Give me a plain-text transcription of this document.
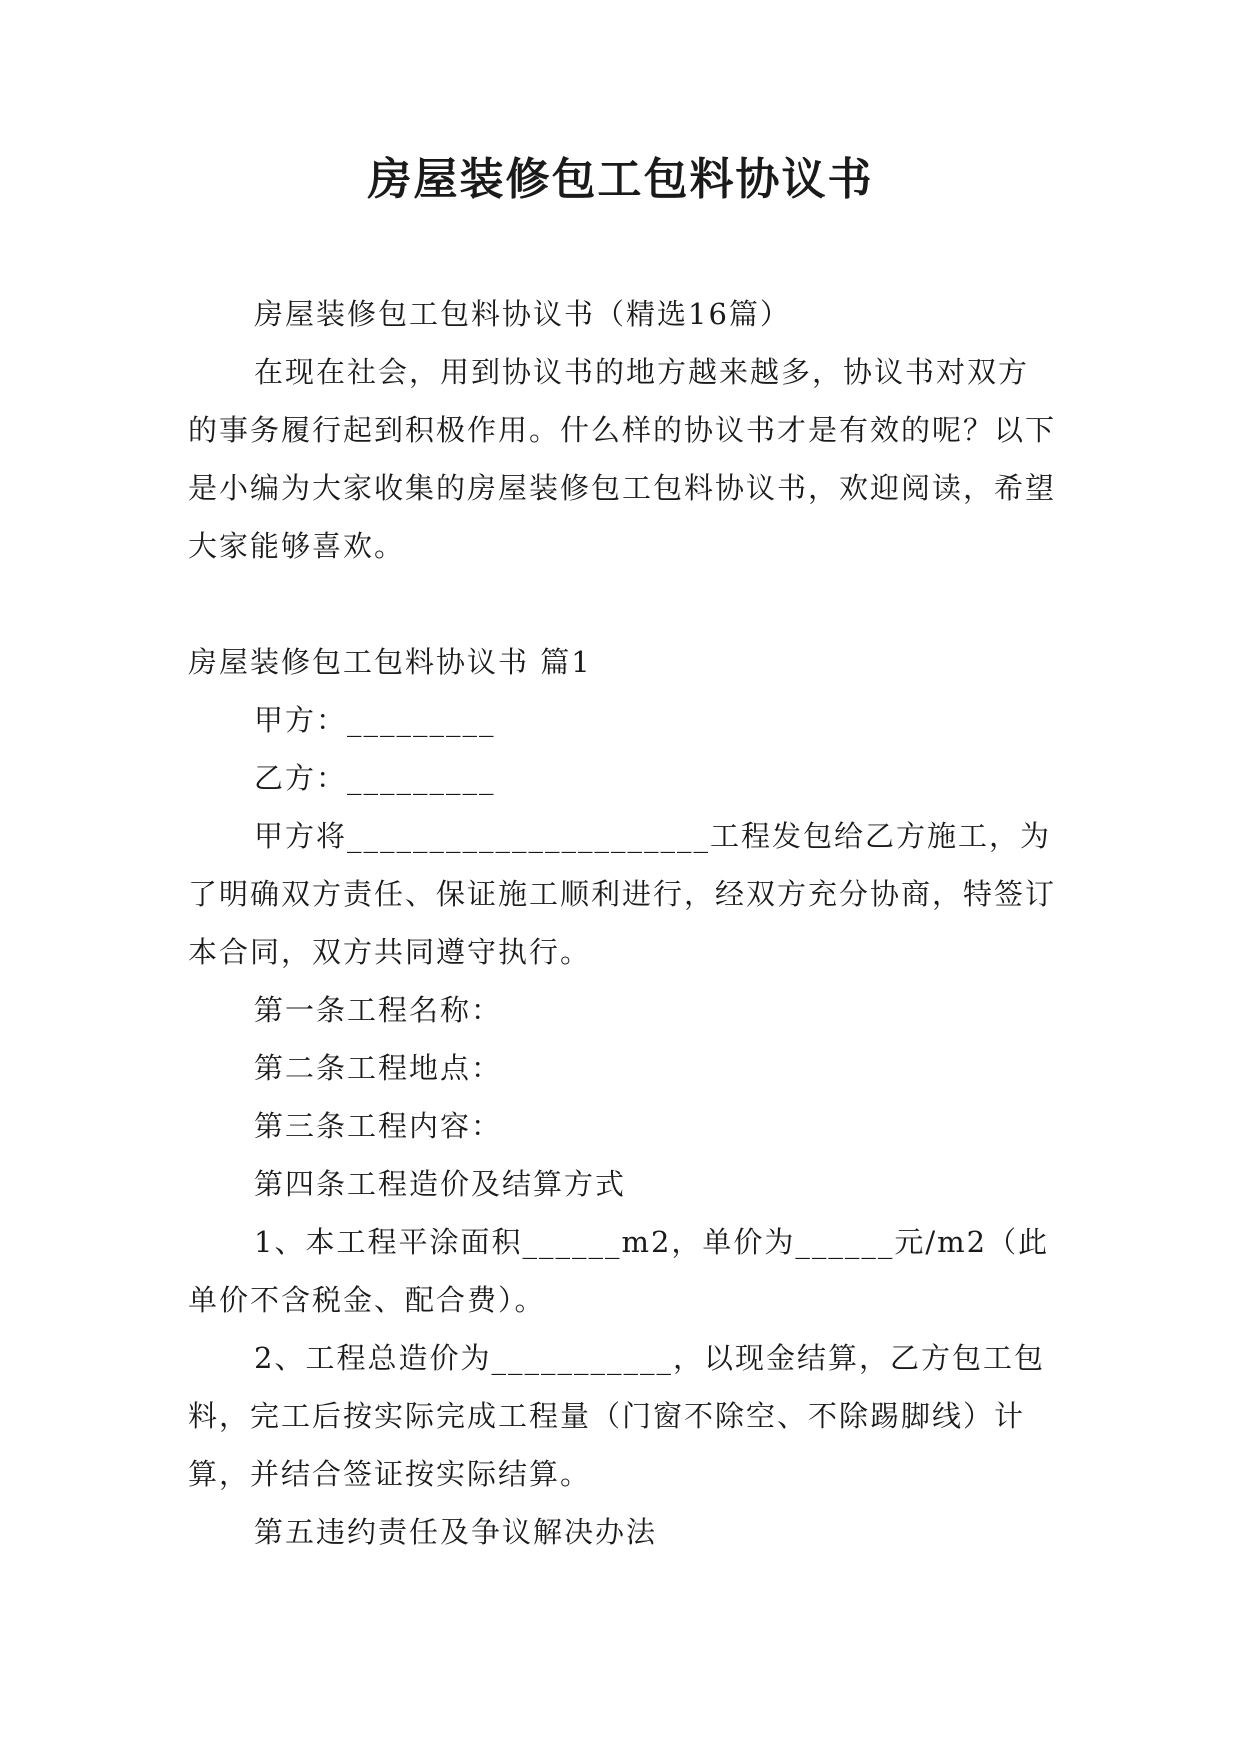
房屋装修包工包料协议书

房屋装修包工包料协议书（精选16篇）

在现在社会，用到协议书的地方越来越多，协议书对双方的事务履行起到积极作用。什么样的协议书才是有效的呢？以下是小编为大家收集的房屋装修包工包料协议书，欢迎阅读，希望大家能够喜欢。

房屋装修包工包料协议书 篇1

甲方：_________

乙方：_________

甲方将______________________工程发包给乙方施工，为了明确双方责任、保证施工顺利进行，经双方充分协商，特签订本合同，双方共同遵守执行。

第一条工程名称：

第二条工程地点：

第三条工程内容：

第四条工程造价及结算方式

1、本工程平涂面积______m2，单价为______元/m2（此单价不含税金、配合费）。

2、工程总造价为___________，以现金结算，乙方包工包料，完工后按实际完成工程量（门窗不除空、不除踢脚线）计算，并结合签证按实际结算。

第五违约责任及争议解决办法
